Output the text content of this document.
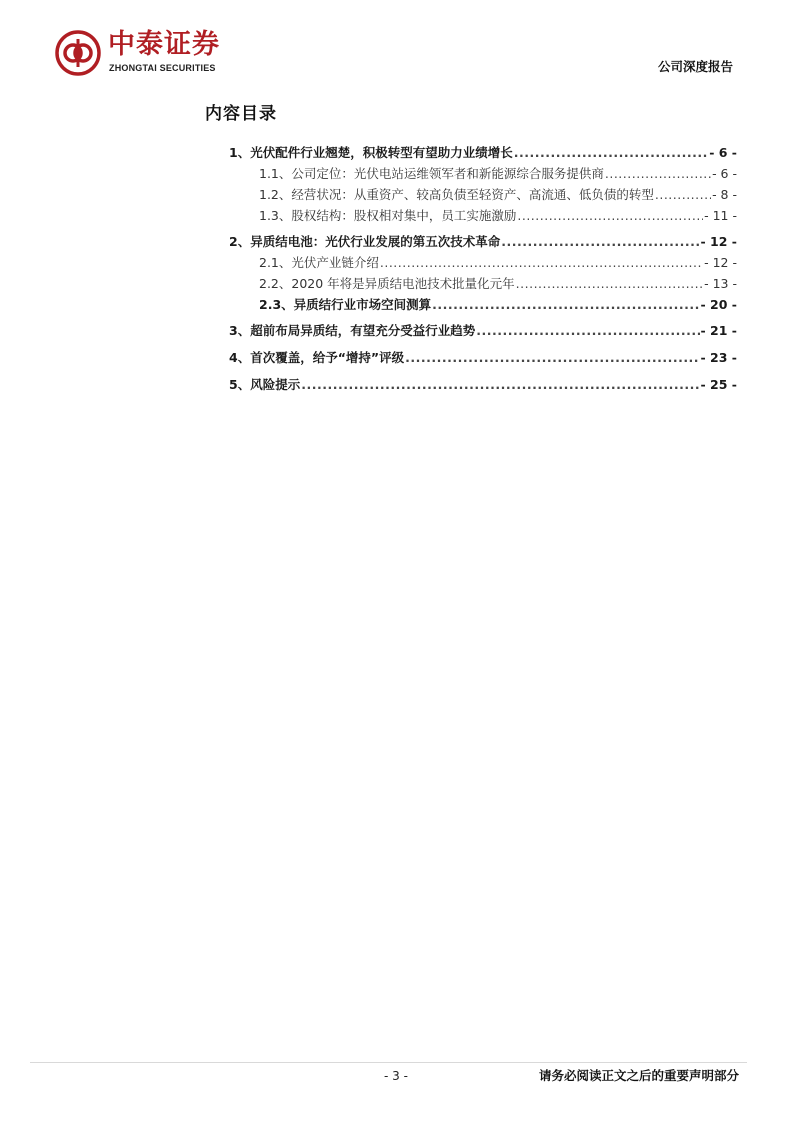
中泰证券
ZHONGTAI SECURITIES	公司深度报告
内容目录
1、光伏配件行业翘楚，积极转型有望助力业绩增长 .....	- 6 -
1.1、公司定位：光伏电站运维领军者和新能源综合服务提供商 .....	- 6 -
1.2、经营状况：从重资产、较高负债至轻资产、高流通、低负债的转型 .....	- 8 -
1.3、股权结构：股权相对集中，员工实施激励 .....	- 11 -
2、异质结电池：光伏行业发展的第五次技术革命 .....	- 12 -
2.1、光伏产业链介绍 .....	- 12 -
2.2、2020 年将是异质结电池技术批量化元年 .....	- 13 -
2.3、异质结行业市场空间测算 .....	- 20 -
3、超前布局异质结，有望充分受益行业趋势 .....	- 21 -
4、首次覆盖，给予“增持”评级 .....	- 23 -
5、风险提示 .....	- 25 -
- 3 -	请务必阅读正文之后的重要声明部分
